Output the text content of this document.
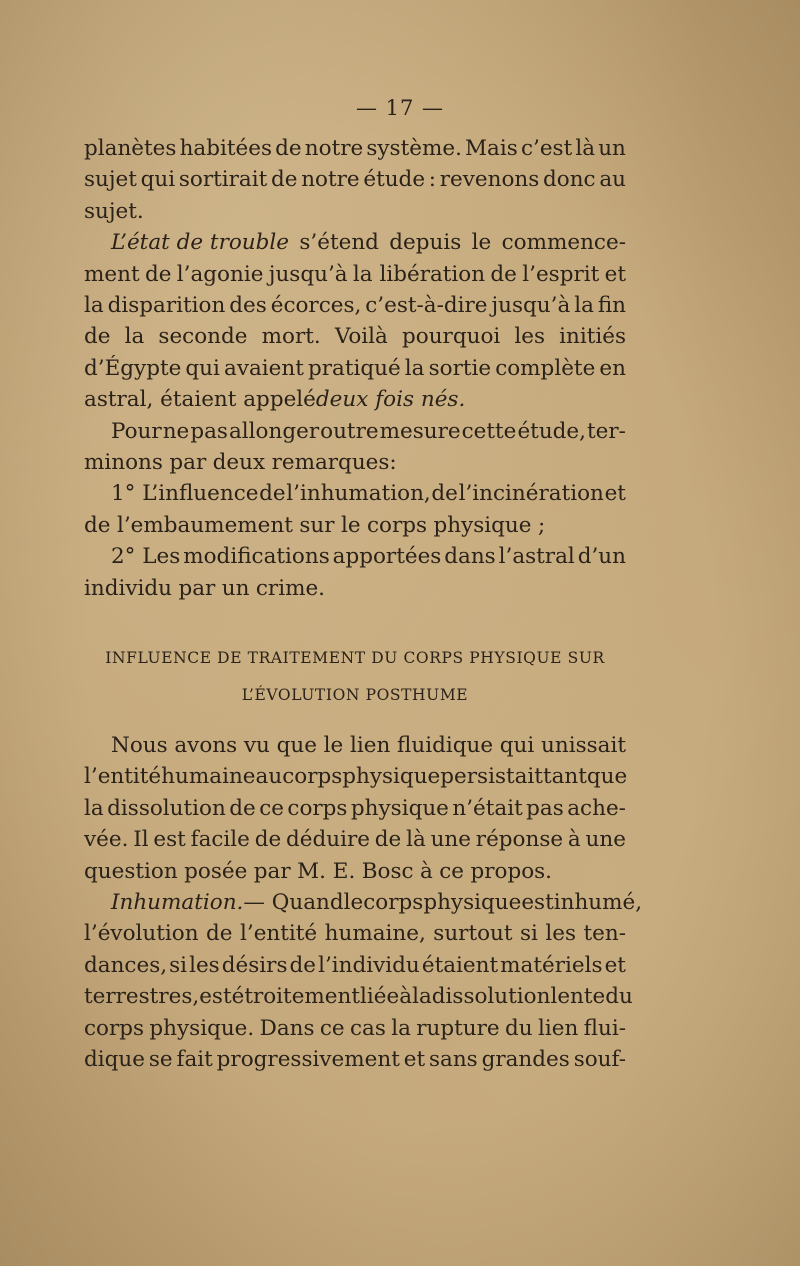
— 17 —
planètes habitées de notre système. Mais c’est là un
sujet qui sortirait de notre étude : revenons donc au
sujet.
L’état de trouble s’étend depuis le commence-
ment de l’agonie jusqu’à la libération de l’esprit et
la disparition des écorces, c’est-à-dire jusqu’à la fin
de la seconde mort. Voilà pourquoi les initiés
d’Égypte qui avaient pratiqué la sortie complète en
astral, étaient appelé deux fois nés.
Pour ne pas allonger outre mesure cette étude, ter-
minons par deux remarques:
1° L’influence de l’inhumation, de l’incinération et
de l’embaumement sur le corps physique ;
2° Les modifications apportées dans l’astral d’un
individu par un crime.
INFLUENCE DE TRAITEMENT DU CORPS PHYSIQUE SUR
L’ÉVOLUTION POSTHUME
Nous avons vu que le lien fluidique qui unissait
l’entité humaine au corps physique persistait tant que
la dissolution de ce corps physique n’était pas ache-
vée. Il est facile de déduire de là une réponse à une
question posée par M. E. Bosc à ce propos.
Inhumation. — Quand le corps physique est inhumé,
l’évolution de l’entité humaine, surtout si les ten-
dances, si les désirs de l’individu étaient matériels et
terrestres, est étroitement liée à la dissolution lente du
corps physique. Dans ce cas la rupture du lien flui-
dique se fait progressivement et sans grandes souf-
